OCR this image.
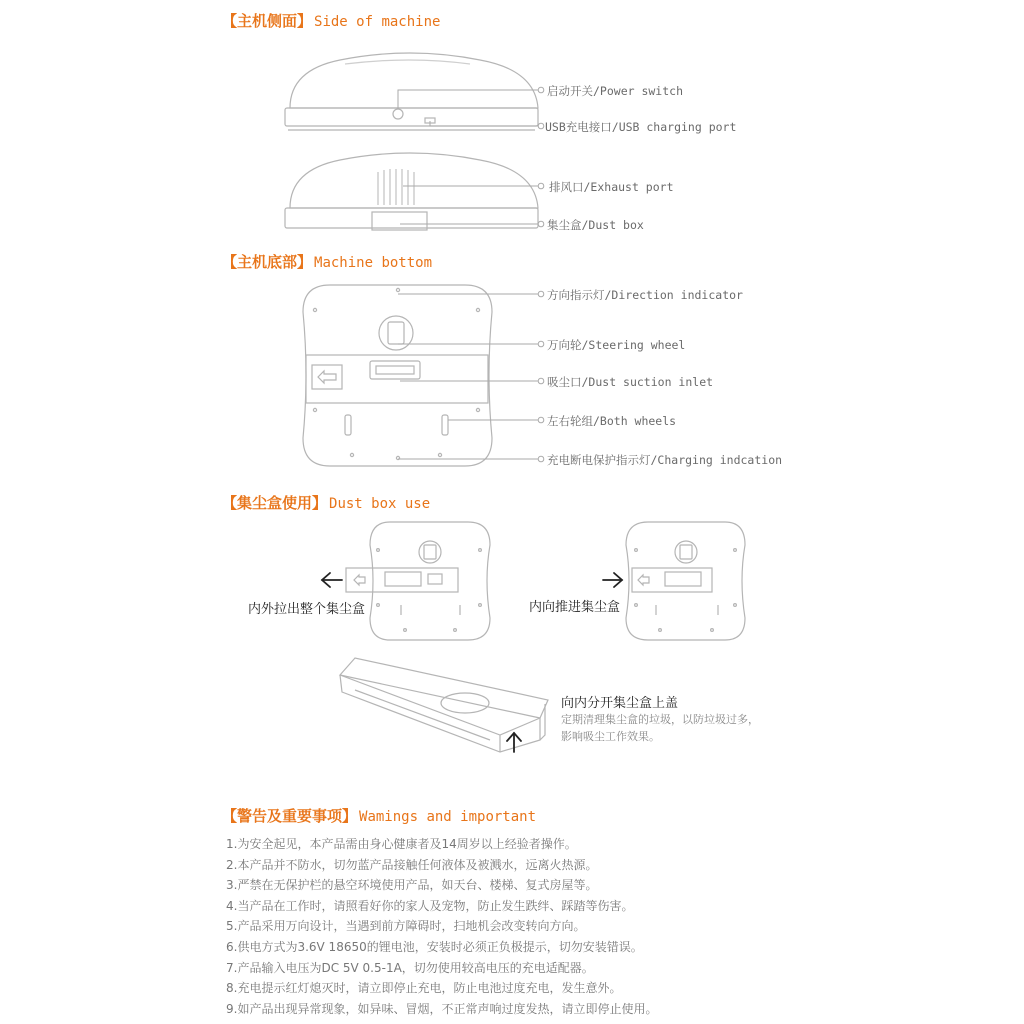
【主机侧面】 Side of machine
【主机底部】 Machine bottom
【集尘盒使用】 Dust box use
【警告及重要事项】 Wamings and important
启动开关/Power switch
USB充电接口/USB charging port
排风口/Exhaust port
集尘盒/Dust box
方向指示灯/Direction indicator
万向轮/Steering wheel
吸尘口/Dust suction inlet
左右轮组/Both wheels
充电断电保护指示灯/Charging indcation
内外拉出整个集尘盒	内向推进集尘盒
向内分开集尘盒上盖
定期清理集尘盒的垃圾，以防垃圾过多，
影响吸尘工作效果。
1.为安全起见，本产品需由身心健康者及14周岁以上经验者操作。
2.本产品并不防水，切勿蓝产品接触任何液体及被溅水，远离火热源。
3.严禁在无保护栏的悬空环境使用产品，如天台、楼梯、复式房屋等。
4.当产品在工作时，请照看好你的家人及宠物，防止发生跌绊、踩踏等伤害。
5.产品采用万向设计，当遇到前方障碍时，扫地机会改变转向方向。
6.供电方式为3.6V 18650的锂电池，安装时必须正负极提示，切勿安装错误。
7.产品输入电压为DC 5V 0.5-1A，切勿使用较高电压的充电适配器。
8.充电提示红灯熄灭时，请立即停止充电，防止电池过度充电，发生意外。
9.如产品出现异常现象，如异味、冒烟，不正常声响过度发热，请立即停止使用。
